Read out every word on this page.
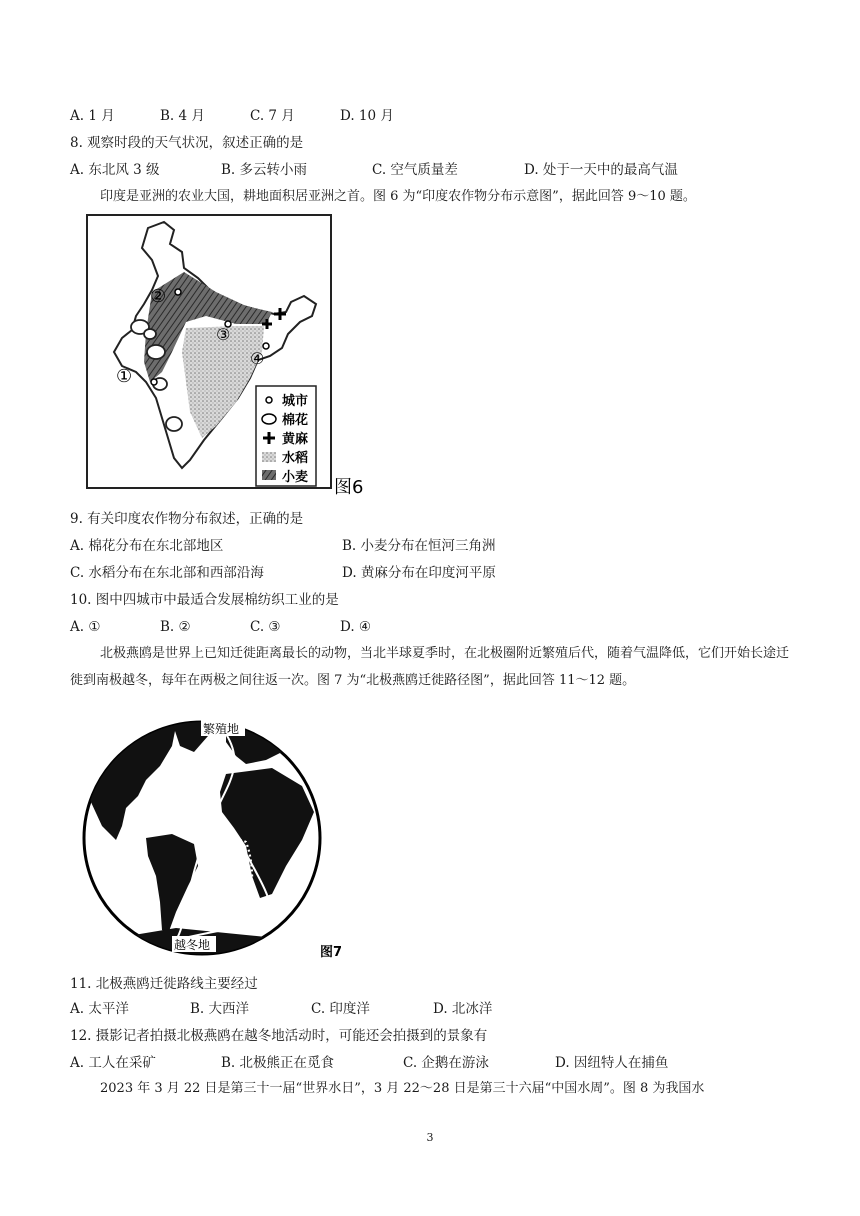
A. 1 月	B. 4 月	C. 7 月	D. 10 月
8. 观察时段的天气状况，叙述正确的是
A. 东北风 3 级	B. 多云转小雨	C. 空气质量差	D. 处于一天中的最高气温
印度是亚洲的农业大国，耕地面积居亚洲之首。图 6 为“印度农作物分布示意图”，据此回答 9～10 题。
②
③
①
④
城市
棉花
黄麻
水稻
小麦 图6
9. 有关印度农作物分布叙述，正确的是
A. 棉花分布在东北部地区	B. 小麦分布在恒河三角洲
C. 水稻分布在东北部和西部沿海	D. 黄麻分布在印度河平原
10. 图中四城市中最适合发展棉纺织工业的是
A. ①	B. ②	C. ③	D. ④
北极燕鸥是世界上已知迁徙距离最长的动物，当北半球夏季时，在北极圈附近繁殖后代，随着气温降低，它们开始长途迁徙到南极越冬，每年在两极之间往返一次。图 7 为“北极燕鸥迁徙路径图”，据此回答 11～12 题。
繁殖地
越冬地	图7
11. 北极燕鸥迁徙路线主要经过
A. 太平洋	B. 大西洋	C. 印度洋	D. 北冰洋
12. 摄影记者拍摄北极燕鸥在越冬地活动时，可能还会拍摄到的景象有
A. 工人在采矿	B. 北极熊正在觅食	C. 企鹅在游泳	D. 因纽特人在捕鱼
2023 年 3 月 22 日是第三十一届“世界水日”，3 月 22～28 日是第三十六届“中国水周”。图 8 为我国水
3
